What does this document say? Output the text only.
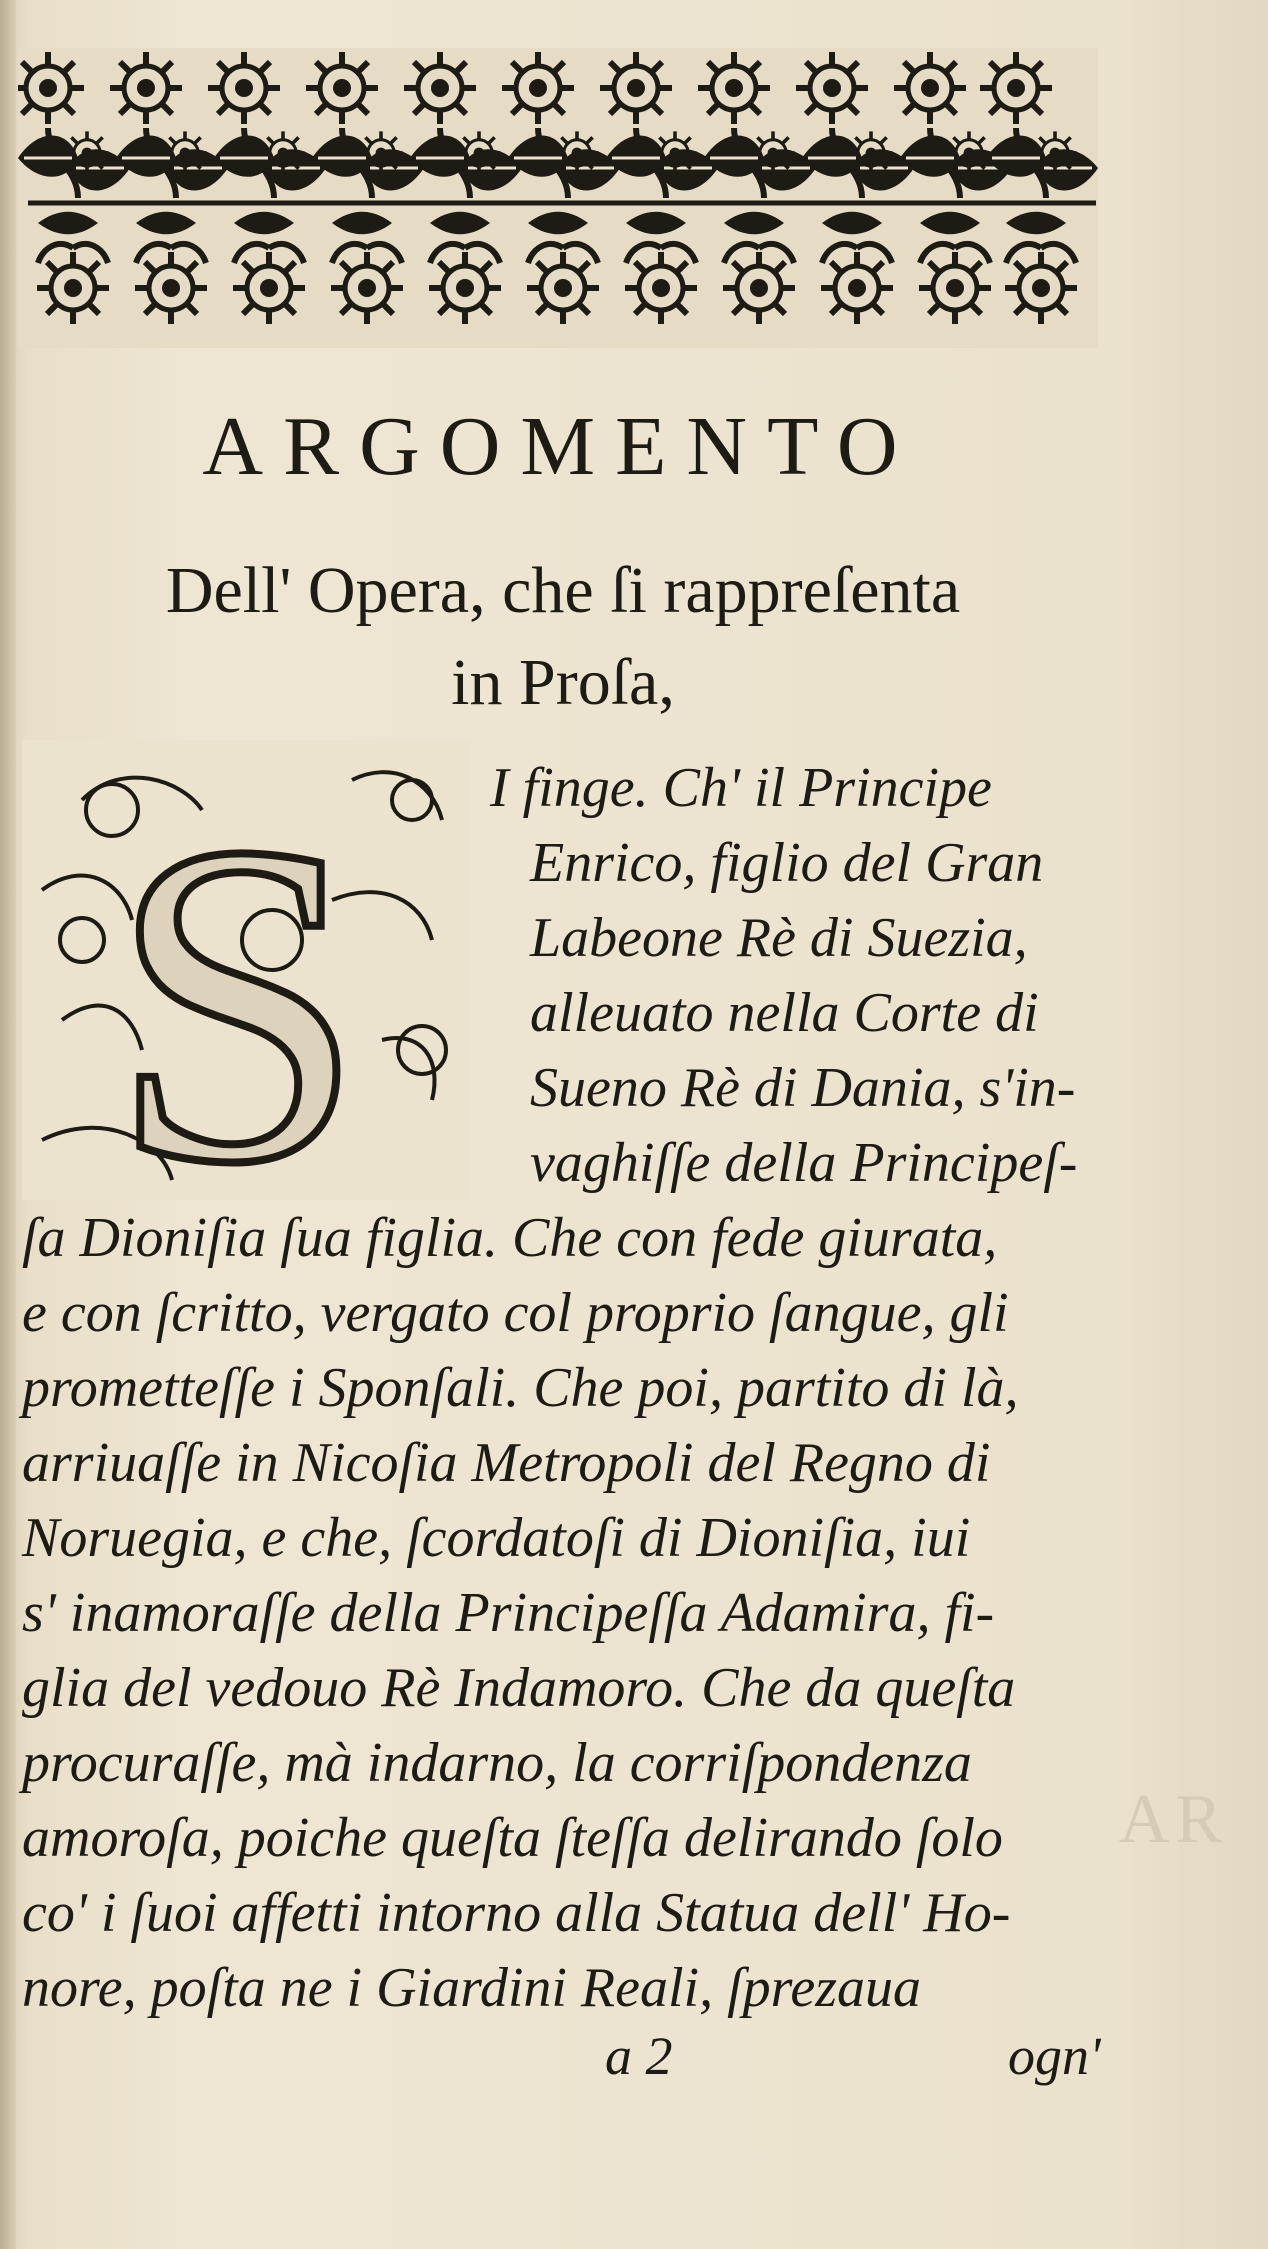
AR
ARGOMENTO
Dell' Opera, che ſi rappreſenta
in Proſa,
S I finge. Ch' il Principe
Enrico, figlio del Gran
Labeone Rè di Suezia,
alleuato nella Corte di
Sueno Rè di Dania, s'in-
vaghiſſe della Principeſ-
ſa Dioniſia ſua figlia. Che con fede giurata,
e con ſcritto, vergato col proprio ſangue, gli
prometteſſe i Sponſali. Che poi, partito di là,
arriuaſſe in Nicoſia Metropoli del Regno di
Noruegia, e che, ſcordatoſi di Dioniſia, iui
s' inamoraſſe della Principeſſa Adamira, fi-
glia del vedouo Rè Indamoro. Che da queſta
procuraſſe, mà indarno, la corriſpondenza
amoroſa, poiche queſta ſteſſa delirando ſolo
co' i ſuoi affetti intorno alla Statua dell' Ho-
nore, poſta ne i Giardini Reali, ſprezaua
a 2	ogn'
